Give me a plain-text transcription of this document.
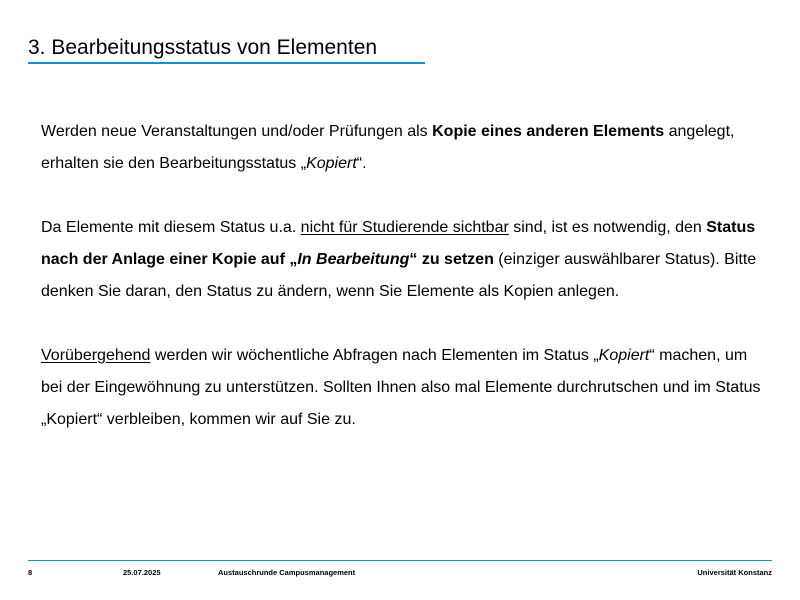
3. Bearbeitungsstatus von Elementen

Werden neue Veranstaltungen und/oder Prüfungen als Kopie eines anderen Elements angelegt, erhalten sie den Bearbeitungsstatus „Kopiert“.

Da Elemente mit diesem Status u.a. nicht für Studierende sichtbar sind, ist es notwendig, den Status nach der Anlage einer Kopie auf „In Bearbeitung“ zu setzen (einziger auswählbarer Status). Bitte denken Sie daran, den Status zu ändern, wenn Sie Elemente als Kopien anlegen.

Vorübergehend werden wir wöchentliche Abfragen nach Elementen im Status „Kopiert“ machen, um bei der Eingewöhnung zu unterstützen. Sollten Ihnen also mal Elemente durchrutschen und im Status „Kopiert“ verbleiben, kommen wir auf Sie zu.

8	25.07.2025	Austauschrunde Campusmanagement	Universität Konstanz
